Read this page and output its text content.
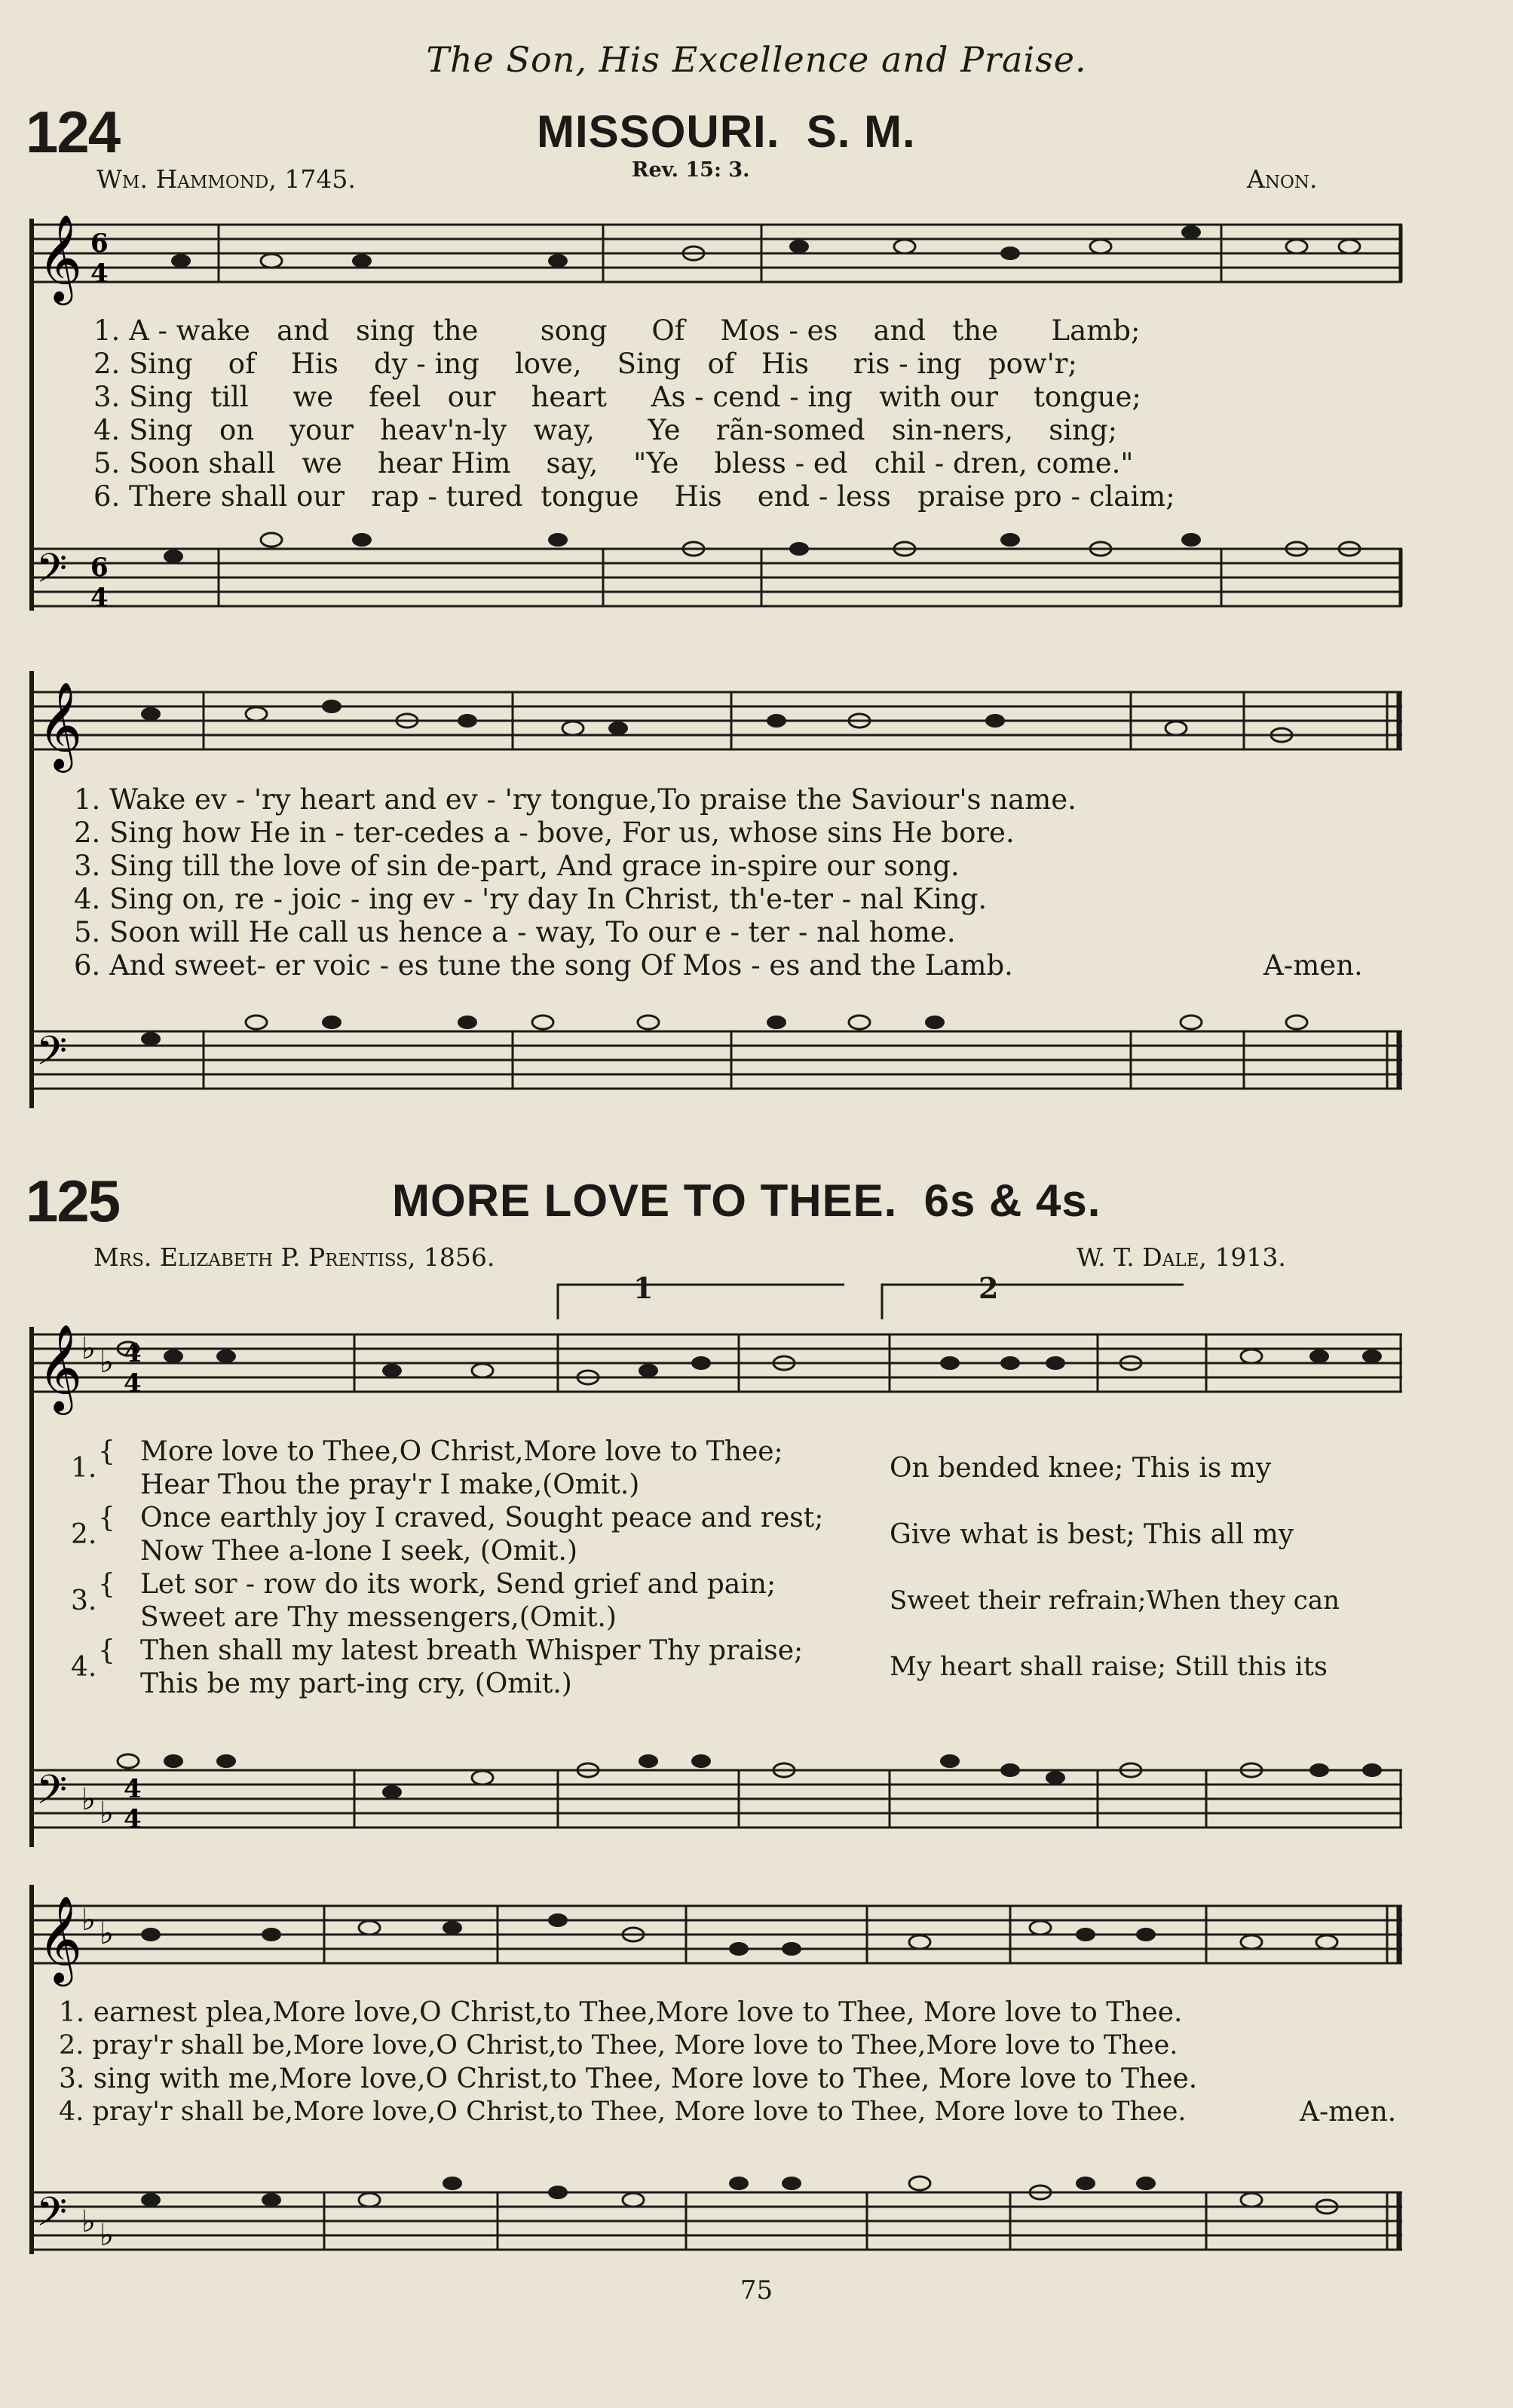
The Son, His Excellence and Praise.
124	MISSOURI. S. M.
Wm. Hammond, 1745.	Rev. 15: 3.	Anon.
𝄞 6
4
1. A - wake   and   sing  the       song     Of    Mos - es    and   the      Lamb;
2. Sing    of    His    dy - ing    love,    Sing   of   His     ris - ing   pow'r;
3. Sing  till     we    feel   our    heart     As - cend - ing   with our    tongue;
4. Sing   on    your   heav'n-ly   way,      Ye    rãn-somed   sin-ners,    sing;
5. Soon shall   we    hear Him    say,    "Ye    bless - ed   chil - dren, come."
6. There shall our   rap - tured  tongue    His    end - less   praise pro - claim;
𝄢 6
4
𝄞
1. Wake ev - 'ry heart and ev - 'ry tongue,To praise the Saviour's name.
2. Sing how He in - ter-cedes a - bove, For us, whose sins He bore.
3. Sing till the love of sin de-part, And grace in-spire our song.
4. Sing on, re - joic - ing ev - 'ry day In Christ, th'e-ter - nal King.
5. Soon will He call us hence a - way, To our e - ter - nal home.
6. And sweet- er voic - es tune the song Of Mos - es and the Lamb.	A-men.
𝄢
125	MORE LOVE TO THEE. 6s & 4s.
Mrs. Elizabeth P. Prentiss, 1856.	W. T. Dale, 1913.
1	2
𝄞
♭ ♭ 4
4
1.
2.
3.
4.
{
{
{
{
More love to Thee,O Christ,More love to Thee;
Hear Thou the pray'r I make,(Omit.)
Once earthly joy I craved, Sought peace and rest;
Now Thee a-lone I seek, (Omit.)
Let sor - row do its work, Send grief and pain;
Sweet are Thy messengers,(Omit.)
Then shall my latest breath Whisper Thy praise;
This be my part-ing cry, (Omit.)
On bended knee; This is my
Give what is best; This all my
Sweet their refrain;When they can
My heart shall raise; Still this its
𝄢 ♭ ♭
4
4
𝄞
♭ ♭
1. earnest plea,More love,O Christ,to Thee,More love to Thee, More love to Thee.
2. pray'r shall be,More love,O Christ,to Thee, More love to Thee,More love to Thee.
3. sing with me,More love,O Christ,to Thee, More love to Thee, More love to Thee.
4. pray'r shall be,More love,O Christ,to Thee, More love to Thee, More love to Thee.	A-men.
𝄢 ♭ ♭
75
